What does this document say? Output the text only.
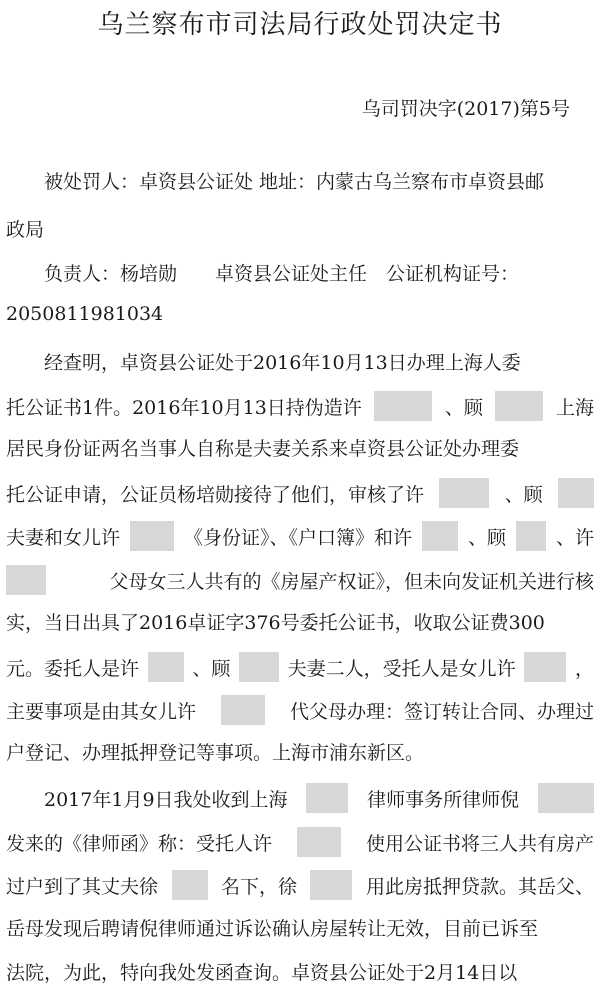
乌兰察布市司法局行政处罚决定书
乌司罚决字(2017)第5号
　　被处罚人：卓资县公证处 地址：内蒙古乌兰察布市卓资县邮
政局
　　负责人：杨培勋　　卓资县公证处主任　公证机构证号：
2050811981034
　　经查明，卓资县公证处于2016年10月13日办理上海人委
托公证书1件。2016年10月13日持伪造许	、顾	上海
居民身份证两名当事人自称是夫妻关系来卓资县公证处办理委
托公证申请，公证员杨培勋接待了他们，审核了许	、顾
夫妻和女儿许	《身份证》、《户口簿》和许	、顾	、许
父母女三人共有的《房屋产权证》，但未向发证机关进行核
实，当日出具了2016卓证字376号委托公证书，收取公证费300
元。委托人是许	、顾	夫妻二人，受托人是女儿许	，
主要事项是由其女儿许	代父母办理：签订转让合同、办理过
户登记、办理抵押登记等事项。上海市浦东新区。
　　2017年1月9日我处收到上海	律师事务所律师倪
发来的《律师函》称：受托人许	使用公证书将三人共有房产
过户到了其丈夫徐	名下，徐	用此房抵押贷款。其岳父、
岳母发现后聘请倪律师通过诉讼确认房屋转让无效，目前已诉至
法院，为此，特向我处发函查询。卓资县公证处于2月14日以
